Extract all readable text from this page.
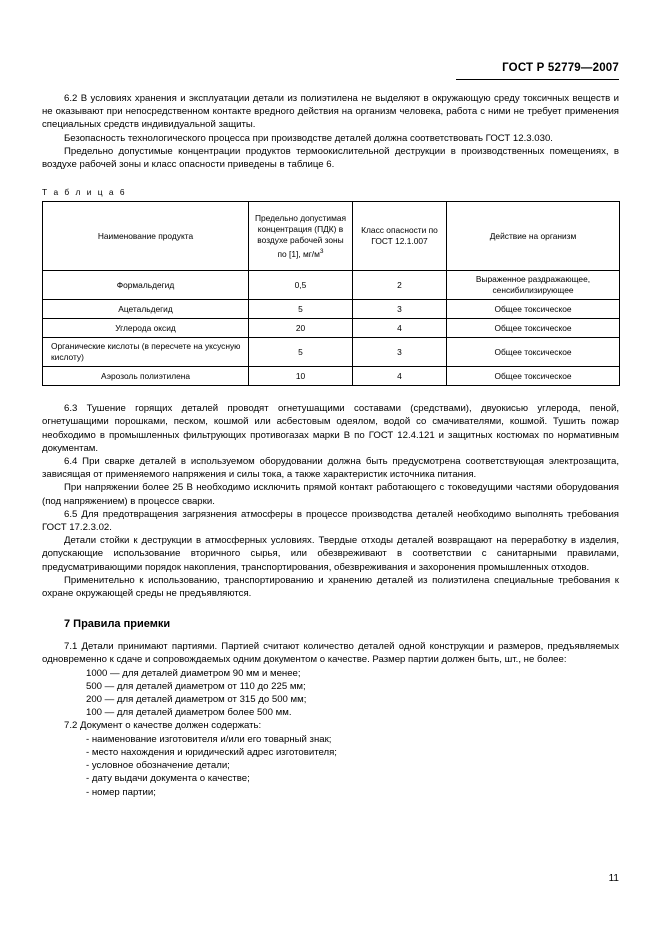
ГОСТ Р 52779—2007

6.2 В условиях хранения и эксплуатации детали из полиэтилена не выделяют в окружающую среду токсичных веществ и не оказывают при непосредственном контакте вредного действия на организм человека, работа с ними не требует применения специальных средств индивидуальной защиты.

Безопасность технологического процесса при производстве деталей должна соответствовать ГОСТ 12.3.030.

Предельно допустимые концентрации продуктов термоокислительной деструкции в производственных помещениях, в воздухе рабочей зоны и класс опасности приведены в таблице 6.

Т а б л и ц а 6
Наименование продукта	Предельно допустимая концентрация (ПДК) в воздухе рабочей зоны по [1], $мг/м^3$	Класс опасности по ГОСТ 12.1.007	Действие на организм
Формальдегид	0,5	2	Выраженное раздражающее, сенсибилизирующее
Ацетальдегид	5	3	Общее токсическое
Углерода оксид	20	4	Общее токсическое
Органические кислоты (в пересчете на уксусную кислоту)	5	3	Общее токсическое
Аэрозоль полиэтилена	10	4	Общее токсическое

6.3 Тушение горящих деталей проводят огнетушащими составами (средствами), двуокисью углерода, пеной, огнетушащими порошками, песком, кошмой или асбестовым одеялом, водой со смачивателями, кошмой. Тушить пожар необходимо в промышленных фильтрующих противогазах марки В по ГОСТ 12.4.121 и защитных костюмах по нормативным документам.

6.4 При сварке деталей в используемом оборудовании должна быть предусмотрена соответствующая электрозащита, зависящая от применяемого напряжения и силы тока, а также характеристик источника питания.

При напряжении более 25 В необходимо исключить прямой контакт работающего с токоведущими частями оборудования (под напряжением) в процессе сварки.

6.5 Для предотвращения загрязнения атмосферы в процессе производства деталей необходимо выполнять требования ГОСТ 17.2.3.02.

Детали стойки к деструкции в атмосферных условиях. Твердые отходы деталей возвращают на переработку в изделия, допускающие использование вторичного сырья, или обезвреживают в соответствии с санитарными правилами, предусматривающими порядок накопления, транспортирования, обезвреживания и захоронения промышленных отходов.

Применительно к использованию, транспортированию и хранению деталей из полиэтилена специальные требования к охране окружающей среды не предъявляются.

7 Правила приемки

7.1 Детали принимают партиями. Партией считают количество деталей одной конструкции и размеров, предъявляемых одновременно к сдаче и сопровождаемых одним документом о качестве. Размер партии должен быть, шт., не более:

1000 — для деталей диаметром 90 мм и менее;
500 — для деталей диаметром от 110 до 225 мм;
200 — для деталей диаметром от 315 до 500 мм;
100 — для деталей диаметром более 500 мм.

7.2 Документ о качестве должен содержать:

- наименование изготовителя и/или его товарный знак;
- место нахождения и юридический адрес изготовителя;
- условное обозначение детали;
- дату выдачи документа о качестве;
- номер партии;
11
